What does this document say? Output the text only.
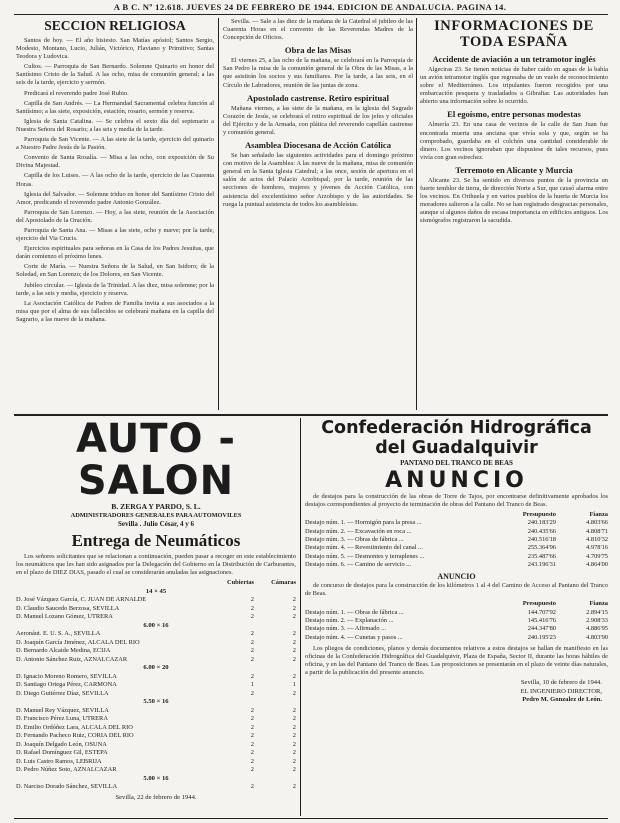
A B C. Nº 12.618. JUEVES 24 DE FEBRERO DE 1944. EDICION DE ANDALUCIA. PAGINA 14.
SECCION RELIGIOSA

Santos de hoy. — El año bisiesto. San Matías apóstol; Santos Sergio, Modesto, Montano, Lucio, Julián, Victórico, Flaviano y Primitivo; Santas Teodora y Ludovica.

Cultos. — Parroquia de San Bernardo. Solemne Quinario en honor del Santísimo Cristo de la Salud. A las ocho, misa de comunión general; a las seis de la tarde, ejercicio y sermón.

Predicará el reverendo padre José Rubio.

Capilla de San Andrés. — La Hermandad Sacramental celebra función al Santísimo; a las siete, exposición, estación, rosario, sermón y reserva.

Iglesia de Santa Catalina. — Se celebra el sexto día del septenario a Nuestra Señora del Rosario; a las seis y media de la tarde.

Parroquia de San Vicente. — A las siete de la tarde, ejercicio del quinario a Nuestro Padre Jesús de la Pasión.

Convento de Santa Rosalía. — Misa a las ocho, con exposición de Su Divina Majestad.

Capilla de los Luises. — A las ocho de la tarde, ejercicio de las Cuarenta Horas.

Iglesia del Salvador. — Solemne triduo en honor del Santísimo Cristo del Amor, predicando el reverendo padre Antonio González.

Parroquia de San Lorenzo. — Hoy, a las siete, reunión de la Asociación del Apostolado de la Oración.

Parroquia de Santa Ana. — Misas a las siete, ocho y nueve; por la tarde, ejercicio del Via Crucis.

Ejercicios espirituales para señoras en la Casa de los Padres Jesuitas, que darán comienzo el próximo lunes.

Corte de María. — Nuestra Señora de la Salud, en San Isidoro; de la Soledad, en San Lorenzo; de los Dolores, en San Vicente.

Jubileo circular. — Iglesia de la Trinidad. A las diez, misa solemne; por la tarde, a las seis y media, ejercicio y reserva.

La Asociación Católica de Padres de Familia invita a sus asociados a la misa que por el alma de sus fallecidos se celebrará mañana en la capilla del Sagrario, a las nueve de la mañana.

Sevilla. — Sale a las diez de la mañana de la Catedral el jubileo de las Cuarenta Horas en el convento de las Reverendas Madres de la Concepción de Oficios.

Obra de las Misas

El viernes 25, a las ocho de la mañana, se celebrará en la Parroquia de San Pedro la misa de la comunión general de la Obra de las Misas, a la que asistirán los socios y sus familiares. Por la tarde, a las seis, en el Círculo de Labradores, reunión de las juntas de zona.

Apostolado castrense. Retiro espiritual

Mañana viernes, a las siete de la mañana, en la iglesia del Sagrado Corazón de Jesús, se celebrará el retiro espiritual de los jefes y oficiales del Ejército y de la Armada, con plática del reverendo capellán castrense y comunión general.

Asamblea Diocesana de Acción Católica

Se han señalado las siguientes actividades para el domingo próximo con motivo de la Asamblea: A las nueve de la mañana, misa de comunión general en la Santa Iglesia Catedral; a las once, sesión de apertura en el salón de actos del Palacio Arzobispal; por la tarde, reunión de las secciones de hombres, mujeres y jóvenes de Acción Católica, con asistencia del excelentísimo señor Arzobispo y de las autoridades. Se ruega la puntual asistencia de todos los asambleístas.

INFORMACIONES DE TODA ESPAÑA
Accidente de aviación a un tetramotor inglés

Algeciras 23. Se tienen noticias de haber caído en aguas de la bahía un avión tetramotor inglés que regresaba de un vuelo de reconocimiento sobre el Mediterráneo. Los tripulantes fueron recogidos por una embarcación pesquera y trasladados a Gibraltar. Las autoridades han abierto una información sobre lo ocurrido.

El egoísmo, entre personas modestas

Almería 23. En una casa de vecinos de la calle de San Juan fue encontrada muerta una anciana que vivía sola y que, según se ha comprobado, guardaba en el colchón una cantidad considerable de dinero. Los vecinos ignoraban que dispusiese de tales recursos, pues vivía con gran estrechez.

Terremoto en Alicante y Murcia

Alicante 23. Se ha sentido en diversos puntos de la provincia un fuerte temblor de tierra, de dirección Norte a Sur, que causó alarma entre los vecinos. En Orihuela y en varios pueblos de la huerta de Murcia los moradores salieron a la calle. No se han registrado desgracias personales, aunque sí algunos daños de escasa importancia en edificios antiguos. Los sismógrafos registraron la sacudida.

AUTO - SALON
B. ZERGA Y PARDO, S. L.
ADMINISTRADORES GENERALES PARA AUTOMOVILES
Sevilla . Julio César, 4 y 6
Entrega de Neumáticos

Los señores solicitantes que se relacionan a continuación, pueden pasar a recoger en este establecimiento los neumáticos que les han sido asignados por la Delegación del Gobierno en la Distribución de Carburantes, en el plazo de DIEZ DIAS, pasado el cual se considerarán anuladas las asignaciones.

Cubiertas	Cámaras
14 × 45
D. José Vázquez García, C. JUAN DE ARNALDE	2	2
D. Claudio Saucedo Berzosa, SEVILLA	2	2
D. Manuel Lozano Gómez, UTRERA	2	2
6.00 × 16
Aeronáut. E. U. S. A., SEVILLA	2	2
D. Joaquín García Jiménez, ALCALA DEL RIO	2	2
D. Bernardo Alcaide Medina, ECIJA	2	2
D. Antonio Sánchez Ruiz, AZNALCAZAR	2	2
6.00 × 20
D. Ignacio Moreno Romero, SEVILLA	2	2
D. Santiago Ortega Pérez, CARMONA	1	1
D. Diego Gutiérrez Díaz, SEVILLA	2	2
5.50 × 16
D. Manuel Rey Vázquez, SEVILLA	2	2
D. Francisco Pérez Luna, UTRERA	2	2
D. Emilio Ordóñez Lara, ALCALA DEL RIO	2	2
D. Fernando Pacheco Ruiz, CORIA DEL RIO	2	2
D. Joaquín Delgado León, OSUNA	2	2
D. Rafael Domínguez Gil, ESTEPA	2	2
D. Luis Castro Ramos, LEBRIJA	2	2
D. Pedro Núñez Soto, AZNALCAZAR	2	2
5.00 × 16
D. Narciso Dorado Sánchez, SEVILLA	2	2
Sevilla, 22 de febrero de 1944.
Confederación Hidrográfica
del Guadalquivir
PANTANO DEL TRANCO DE BEAS
ANUNCIO

de destajos para la construcción de las obras de Torre de Tajos, por encontrarse definitivamente aprobados los destajos correspondientes al proyecto de terminación de obras del Pantano del Tranco de Beas.

Presupuesto	Fianza
Destajo núm. 1. — Hormigón para la presa ...	240.183'29	4.803'66
Destajo núm. 2. — Excavación en roca ...	240.435'66	4.808'71
Destajo núm. 3. — Obras de fábrica ...	240.516'18	4.810'32
Destajo núm. 4. — Revestimiento del canal ...	255.364'96	4.978'16
Destajo núm. 5. — Desmontes y terraplenes ...	235.487'66	4.709'75
Destajo núm. 6. — Camino de servicio ...	243.196'31	4.864'00
ANUNCIO

de concurso de destajos para la construcción de los kilómetros 1 al 4 del Camino de Acceso al Pantano del Tranco de Beas.

Presupuesto	Fianza
Destajo núm. 1. — Obras de fábrica ...	144.707'92	2.894'15
Destajo núm. 2. — Explanación ...	145.416'76	2.908'33
Destajo núm. 3. — Afirmado ...	244.347'80	4.886'95
Destajo núm. 4. — Cunetas y pasos ...	240.195'23	4.803'90

Los pliegos de condiciones, planos y demás documentos relativos a estos destajos se hallan de manifiesto en las oficinas de la Confederación Hidrográfica del Guadalquivir, Plaza de España, Sector II, durante las horas hábiles de oficina, y en las del Pantano del Tranco de Beas. Las proposiciones se presentarán en el plazo de veinte días naturales, a partir de la publicación del presente anuncio.

Sevilla, 10 de febrero de 1944.
EL INGENIERO DIRECTOR,
Pedro M. Gonzalez de León.
